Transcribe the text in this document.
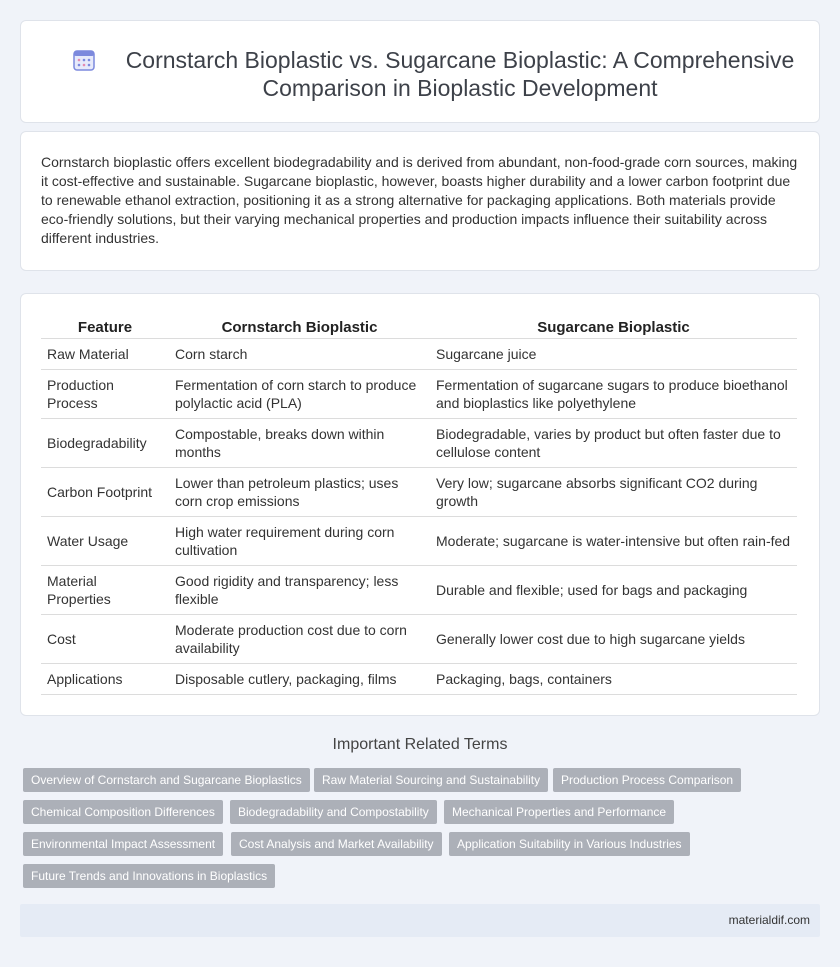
Cornstarch Bioplastic vs. Sugarcane Bioplastic: A Comprehensive Comparison in Bioplastic Development
Cornstarch bioplastic offers excellent biodegradability and is derived from abundant, non-food-grade corn sources, making it cost-effective and sustainable. Sugarcane bioplastic, however, boasts higher durability and a lower carbon footprint due to renewable ethanol extraction, positioning it as a strong alternative for packaging applications. Both materials provide eco-friendly solutions, but their varying mechanical properties and production impacts influence their suitability across different industries.
Feature	Cornstarch Bioplastic	Sugarcane Bioplastic
Raw Material	Corn starch	Sugarcane juice
Production Process	Fermentation of corn starch to produce polylactic acid (PLA)	Fermentation of sugarcane sugars to produce bioethanol and bioplastics like polyethylene
Biodegradability	Compostable, breaks down within months	Biodegradable, varies by product but often faster due to cellulose content
Carbon Footprint	Lower than petroleum plastics; uses corn crop emissions	Very low; sugarcane absorbs significant CO2 during growth
Water Usage	High water requirement during corn cultivation	Moderate; sugarcane is water-intensive but often rain-fed
Material Properties	Good rigidity and transparency; less flexible	Durable and flexible; used for bags and packaging
Cost	Moderate production cost due to corn availability	Generally lower cost due to high sugarcane yields
Applications	Disposable cutlery, packaging, films	Packaging, bags, containers
Important Related Terms
Overview of Cornstarch and Sugarcane Bioplastics	Raw Material Sourcing and Sustainability	Production Process Comparison
Chemical Composition Differences	Biodegradability and Compostability	Mechanical Properties and Performance
Environmental Impact Assessment	Cost Analysis and Market Availability	Application Suitability in Various Industries
Future Trends and Innovations in Bioplastics
materialdif.com
